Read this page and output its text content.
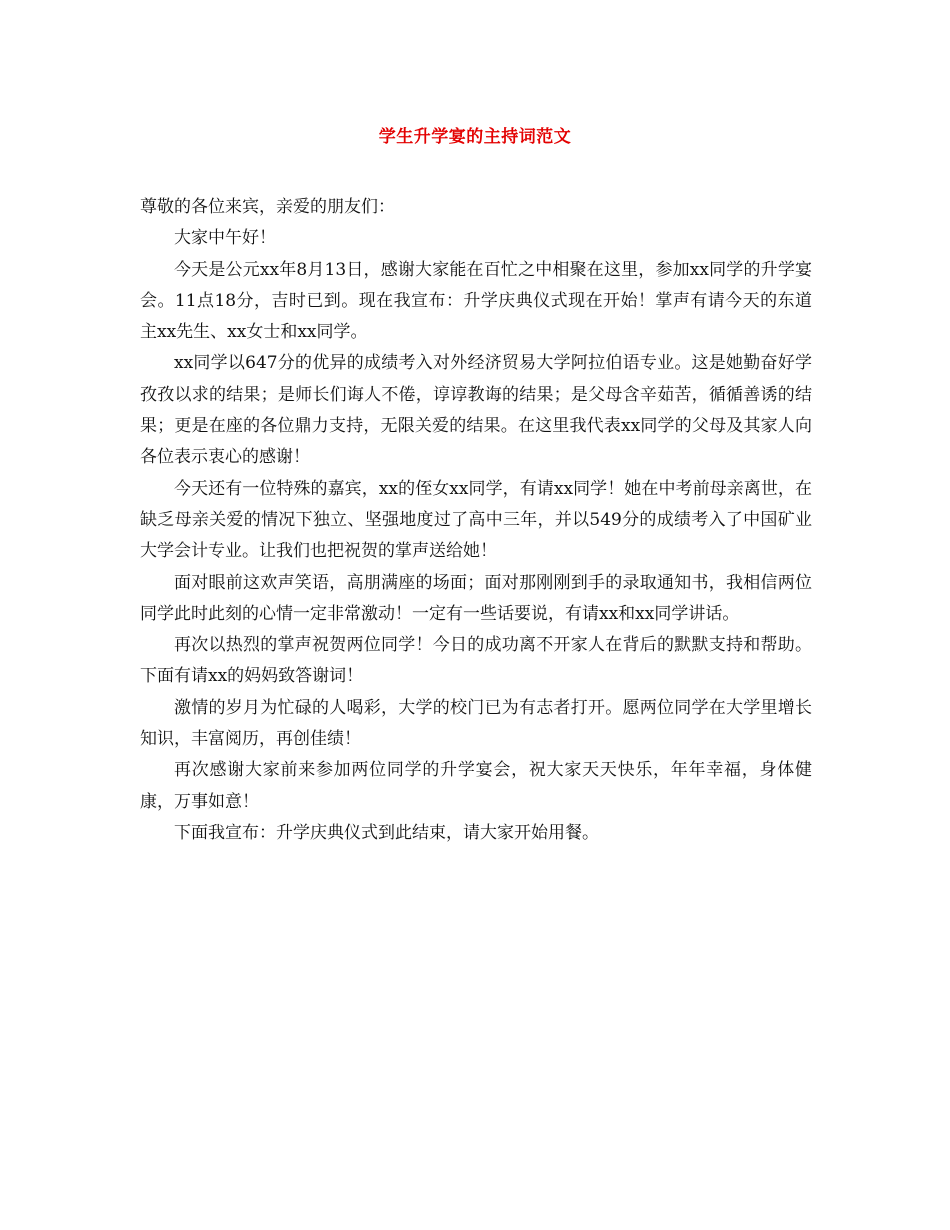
学生升学宴的主持词范文

尊敬的各位来宾，亲爱的朋友们：

大家中午好！

今天是公元xx年8月13日，感谢大家能在百忙之中相聚在这里，参加xx同学的升学宴会。11点18分，吉时已到。现在我宣布：升学庆典仪式现在开始！掌声有请今天的东道主xx先生、xx女士和xx同学。

xx同学以647分的优异的成绩考入对外经济贸易大学阿拉伯语专业。这是她勤奋好学孜孜以求的结果；是师长们诲人不倦，谆谆教诲的结果；是父母含辛茹苦，循循善诱的结果；更是在座的各位鼎力支持，无限关爱的结果。在这里我代表xx同学的父母及其家人向各位表示衷心的感谢！

今天还有一位特殊的嘉宾，xx的侄女xx同学，有请xx同学！她在中考前母亲离世，在缺乏母亲关爱的情况下独立、坚强地度过了高中三年，并以549分的成绩考入了中国矿业大学会计专业。让我们也把祝贺的掌声送给她！

面对眼前这欢声笑语，高朋满座的场面；面对那刚刚到手的录取通知书，我相信两位同学此时此刻的心情一定非常激动！一定有一些话要说，有请xx和xx同学讲话。

再次以热烈的掌声祝贺两位同学！今日的成功离不开家人在背后的默默支持和帮助。下面有请xx的妈妈致答谢词！

激情的岁月为忙碌的人喝彩，大学的校门已为有志者打开。愿两位同学在大学里增长知识，丰富阅历，再创佳绩！

再次感谢大家前来参加两位同学的升学宴会，祝大家天天快乐，年年幸福，身体健康，万事如意！

下面我宣布：升学庆典仪式到此结束，请大家开始用餐。
